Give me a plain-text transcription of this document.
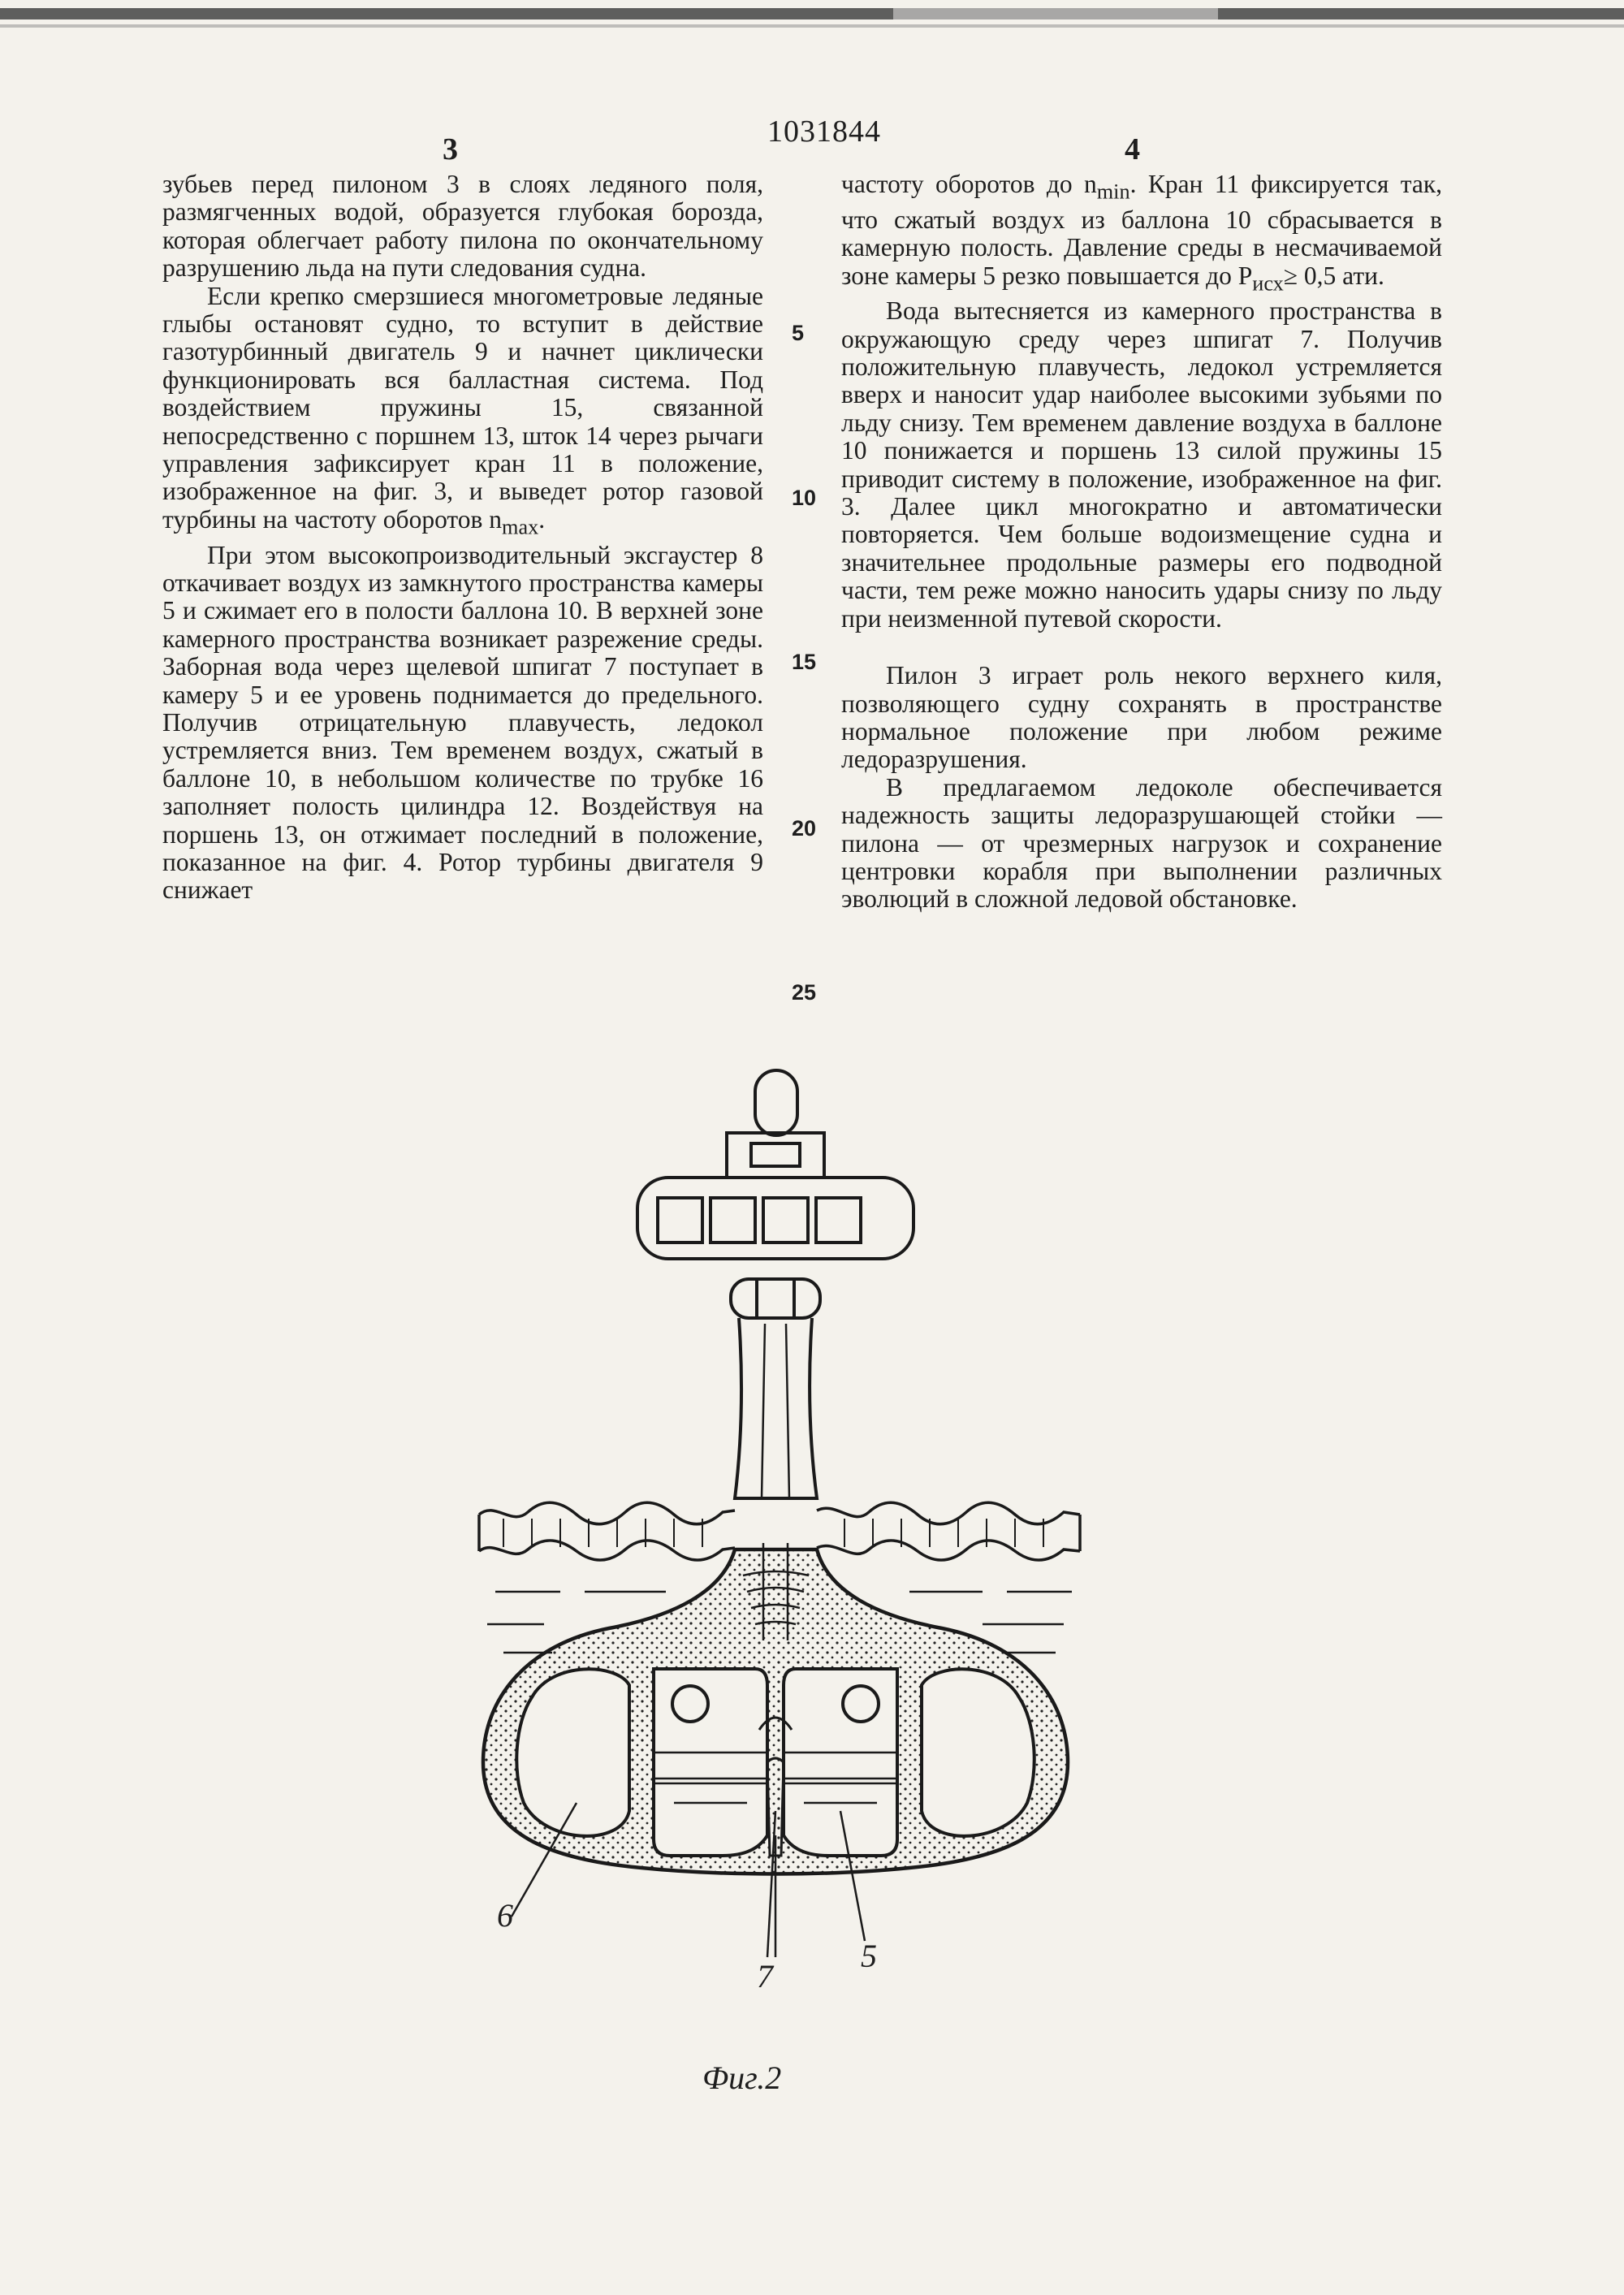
1031844
3	4

зубьев перед пилоном 3 в слоях ледяного поля, размягченных водой, образуется глубокая борозда, которая облегчает работу пилона по окончательному разрушению льда на пути следования судна.

Если крепко смерзшиеся многометровые ледяные глыбы остановят судно, то вступит в действие газотурбинный двигатель 9 и начнет циклически функционировать вся балластная система. Под воздействием пружины 15, связанной непосредственно с поршнем 13, шток 14 через рычаги управления зафиксирует кран 11 в положение, изображенное на фиг. 3, и выведет ротор газовой турбины на частоту оборотов $n_{max}$.

При этом высокопроизводительный эксгаустер 8 откачивает воздух из замкнутого пространства камеры 5 и сжимает его в полости баллона 10. В верхней зоне камерного пространства возникает разрежение среды. Заборная вода через щелевой шпигат 7 поступает в камеру 5 и ее уровень поднимается до предельного. Получив отрицательную плавучесть, ледокол устремляется вниз. Тем временем воздух, сжатый в баллоне 10, в небольшом количестве по трубке 16 заполняет полость цилиндра 12. Воздействуя на поршень 13, он отжимает последний в положение, показанное на фиг. 4. Ротор турбины двигателя 9 снижает

5
10
15
20
25

частоту оборотов до $n_{min}$. Кран 11 фиксируется так, что сжатый воздух из баллона 10 сбрасывается в камерную полость. Давление среды в несмачиваемой зоне камеры 5 резко повышается до $P_{исх}\ge 0,5$ ати.

Вода вытесняется из камерного пространства в окружающую среду через шпигат 7. Получив положительную плавучесть, ледокол устремляется вверх и наносит удар наиболее высокими зубьями по льду снизу. Тем временем давление воздуха в баллоне 10 понижается и поршень 13 силой пружины 15 приводит систему в положение, изображенное на фиг. 3. Далее цикл многократно и автоматически повторяется. Чем больше водоизмещение судна и значительнее продольные размеры его подводной части, тем реже можно наносить удары снизу по льду при неизменной путевой скорости.

Пилон 3 играет роль некого верхнего киля, позволяющего судну сохранять в пространстве нормальное положение при любом режиме ледоразрушения.

В предлагаемом ледоколе обеспечивается надежность защиты ледоразрушающей стойки — пилона — от чрезмерных нагрузок и сохранение центровки корабля при выполнении различных эволюций в сложной ледовой обстановке.

6
7
5
Фиг.2
